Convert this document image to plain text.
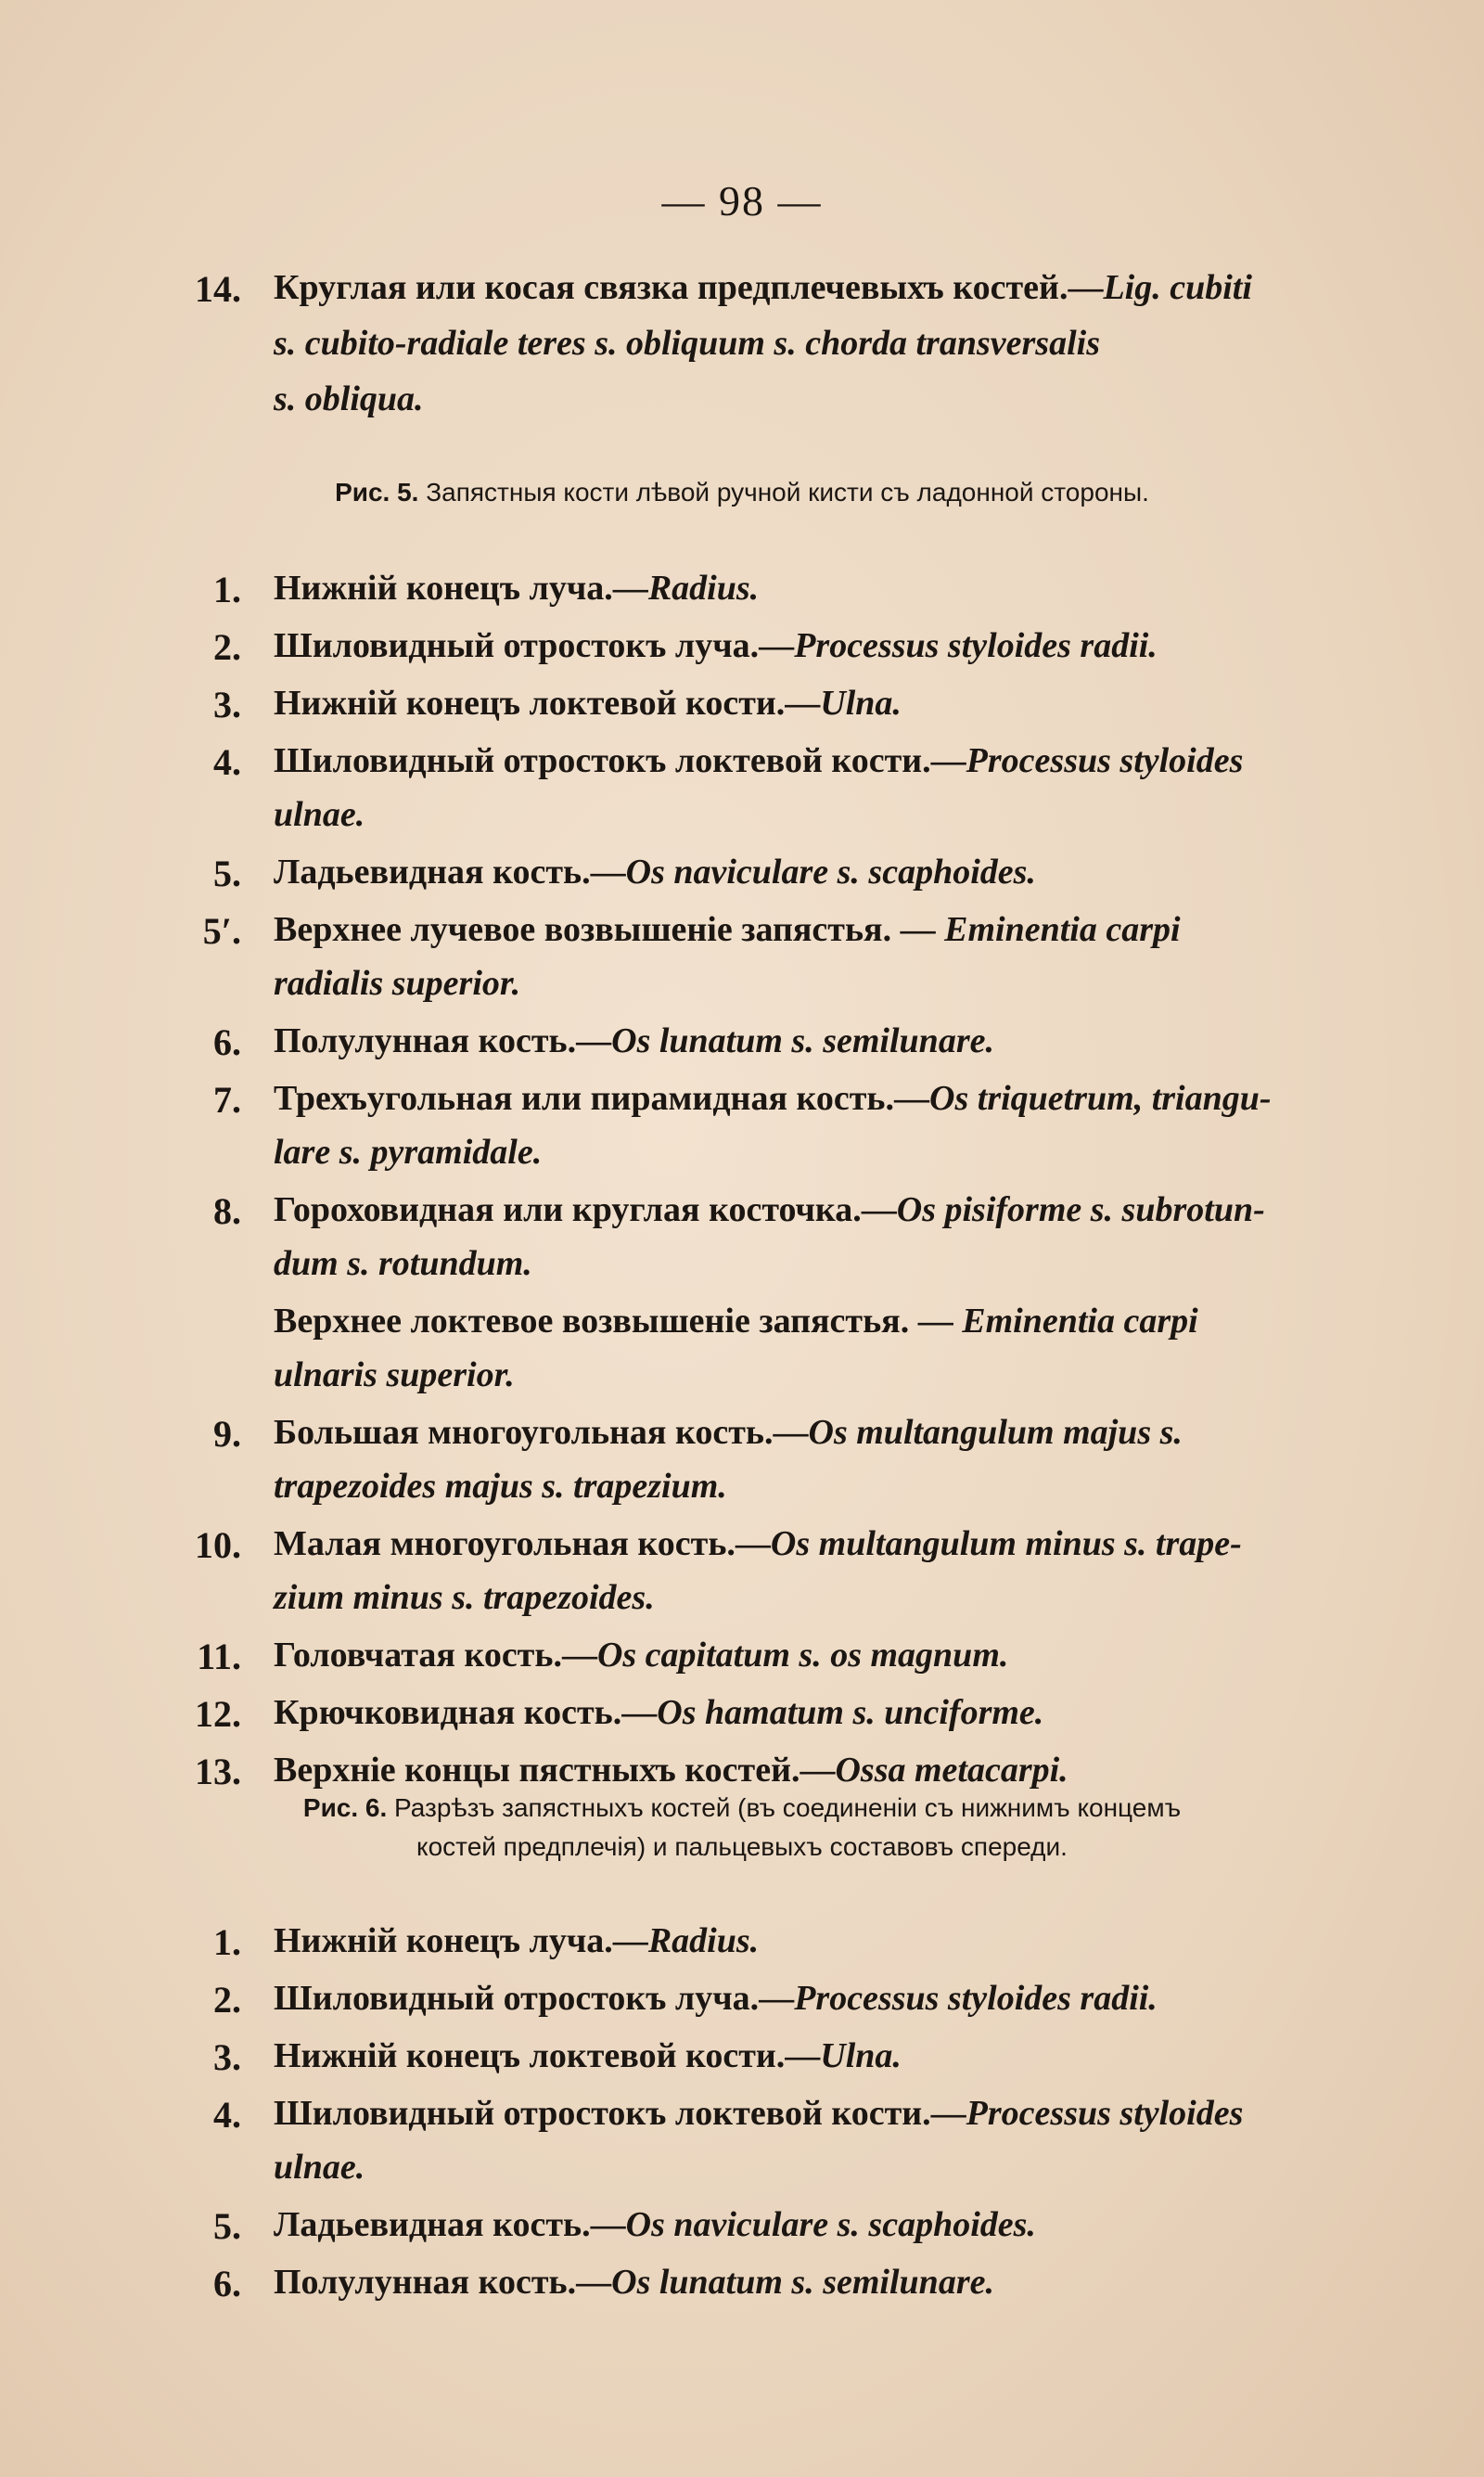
— 98 —
14. Круглая или косая связка предплечевыхъ костей.—Lig. cubiti
s. cubito-radiale teres s. obliquum s. chorda transversalis
s. obliqua.
Рис. 5. Запястныя кости лѣвой ручной кисти съ ладонной стороны.
1. Нижній конецъ луча.—Radius.
2. Шиловидный отростокъ луча.—Processus styloides radii.
3. Нижній конецъ локтевой кости.—Ulna.
4. Шиловидный отростокъ локтевой кости.—Processus styloides
ulnae.
5. Ладьевидная кость.—Os naviculare s. scaphoides.
5′. Верхнее лучевое возвышеніе запястья. — Eminentia carpi
radialis superior.
6. Полулунная кость.—Os lunatum s. semilunare.
7. Трехъугольная или пирамидная кость.—Os triquetrum, triangu-
lare s. pyramidale.
8. Гороховидная или круглая косточка.—Os pisiforme s. subrotun-
dum s. rotundum.
Верхнее локтевое возвышеніе запястья. — Eminentia carpi
ulnaris superior.
9. Большая многоугольная кость.—Os multangulum majus s.
trapezoides majus s. trapezium.
10. Малая многоугольная кость.—Os multangulum minus s. trape-
zium minus s. trapezoides.
11. Головчатая кость.—Os capitatum s. os magnum.
12. Крючковидная кость.—Os hamatum s. unciforme.
13. Верхніе концы пястныхъ костей.—Ossa metacarpi.
Рис. 6. Разрѣзъ запястныхъ костей (въ соединеніи съ нижнимъ концемъ
костей предплечія) и пальцевыхъ составовъ спереди.
1. Нижній конецъ луча.—Radius.
2. Шиловидный отростокъ луча.—Processus styloides radii.
3. Нижній конецъ локтевой кости.—Ulna.
4. Шиловидный отростокъ локтевой кости.—Processus styloides
ulnae.
5. Ладьевидная кость.—Os naviculare s. scaphoides.
6. Полулунная кость.—Os lunatum s. semilunare.
